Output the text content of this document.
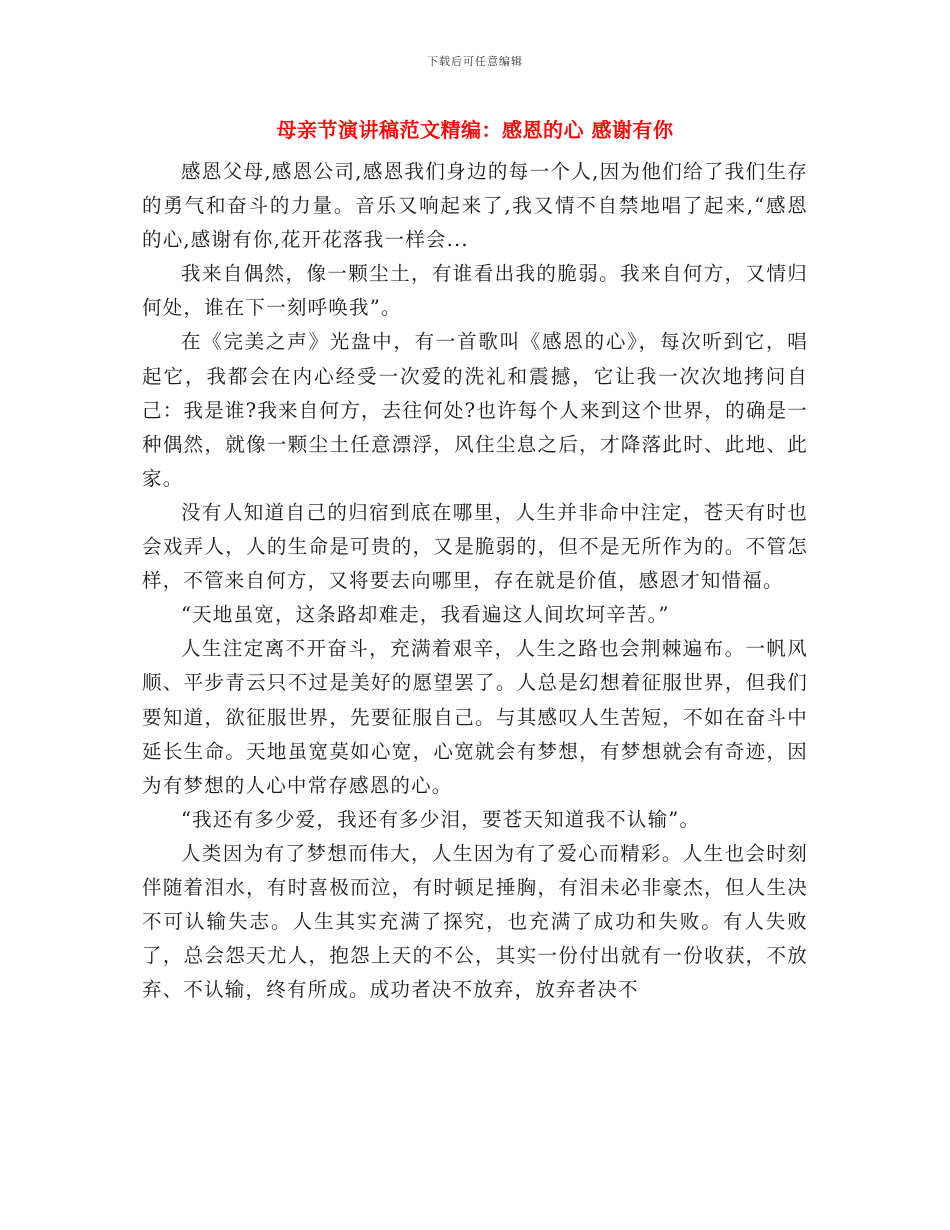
下载后可任意编辑
母亲节演讲稿范文精编：感恩的心 感谢有你

感恩父母,感恩公司,感恩我们身边的每一个人,因为他们给了我们生存的勇气和奋斗的力量。音乐又响起来了,我又情不自禁地唱了起来,“感恩的心,感谢有你,花开花落我一样会...

我来自偶然，像一颗尘土，有谁看出我的脆弱。我来自何方，又情归何处，谁在下一刻呼唤我”。

在《完美之声》光盘中，有一首歌叫《感恩的心》，每次听到它，唱起它，我都会在内心经受一次爱的洗礼和震撼，它让我一次次地拷问自己：我是谁?我来自何方，去往何处?也许每个人来到这个世界，的确是一种偶然，就像一颗尘土任意漂浮，风住尘息之后，才降落此时、此地、此家。

没有人知道自己的归宿到底在哪里，人生并非命中注定，苍天有时也会戏弄人，人的生命是可贵的，又是脆弱的，但不是无所作为的。不管怎样，不管来自何方，又将要去向哪里，存在就是价值，感恩才知惜福。

“天地虽宽，这条路却难走，我看遍这人间坎坷辛苦。”

人生注定离不开奋斗，充满着艰辛，人生之路也会荆棘遍布。一帆风顺、平步青云只不过是美好的愿望罢了。人总是幻想着征服世界，但我们要知道，欲征服世界，先要征服自己。与其感叹人生苦短，不如在奋斗中延长生命。天地虽宽莫如心宽，心宽就会有梦想，有梦想就会有奇迹，因为有梦想的人心中常存感恩的心。

“我还有多少爱，我还有多少泪，要苍天知道我不认输”。

人类因为有了梦想而伟大，人生因为有了爱心而精彩。人生也会时刻伴随着泪水，有时喜极而泣，有时顿足捶胸，有泪未必非豪杰，但人生决不可认输失志。人生其实充满了探究，也充满了成功和失败。有人失败了，总会怨天尤人，抱怨上天的不公，其实一份付出就有一份收获，不放弃、不认输，终有所成。成功者决不放弃，放弃者决不
